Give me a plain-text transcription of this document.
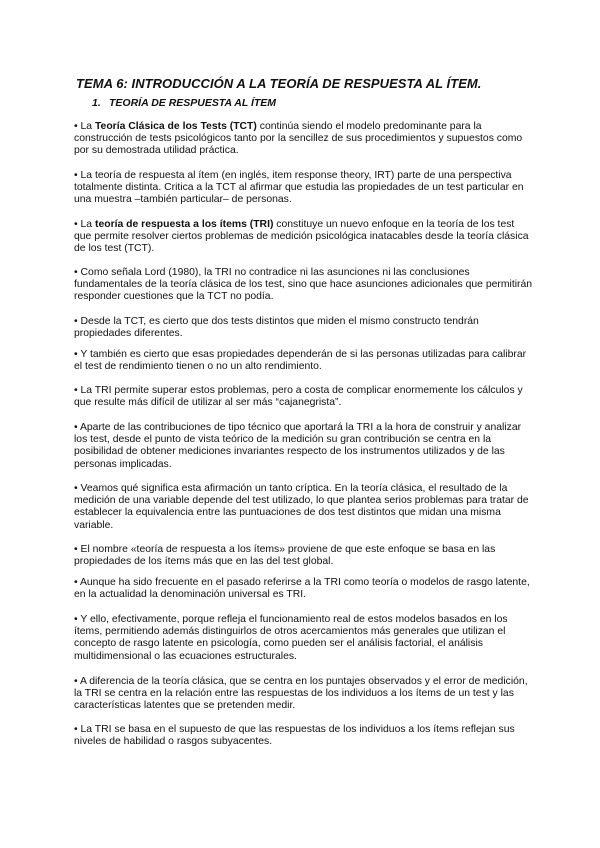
TEMA 6: INTRODUCCIÓN A LA TEORÍA DE RESPUESTA AL ÍTEM.
1. TEORÍA DE RESPUESTA AL ÍTEM

• La Teoría Clásica de los Tests (TCT) continúa siendo el modelo predominante para la construcción de tests psicológicos tanto por la sencillez de sus procedimientos y supuestos como por su demostrada utilidad práctica.

• La teoría de respuesta al ítem (en inglés, item response theory, IRT) parte de una perspectiva totalmente distinta. Critica a la TCT al afirmar que estudia las propiedades de un test particular en una muestra –también particular– de personas.

• La teoría de respuesta a los ítems (TRI) constituye un nuevo enfoque en la teoría de los test que permite resolver ciertos problemas de medición psicológica inatacables desde la teoría clásica de los test (TCT).

• Como señala Lord (1980), la TRI no contradice ni las asunciones ni las conclusiones fundamentales de la teoría clásica de los test, sino que hace asunciones adicionales que permitirán responder cuestiones que la TCT no podía.

• Desde la TCT, es cierto que dos tests distintos que miden el mismo constructo tendrán propiedades diferentes.

• Y también es cierto que esas propiedades dependerán de si las personas utilizadas para calibrar el test de rendimiento tienen o no un alto rendimiento.

• La TRI permite superar estos problemas, pero a costa de complicar enormemente los cálculos y que resulte más difícil de utilizar al ser más “cajanegrista”.

• Aparte de las contribuciones de tipo técnico que aportará la TRI a la hora de construir y analizar los test, desde el punto de vista teórico de la medición su gran contribución se centra en la posibilidad de obtener mediciones invariantes respecto de los instrumentos utilizados y de las personas implicadas.

• Veamos qué significa esta afirmación un tanto críptica. En la teoría clásica, el resultado de la medición de una variable depende del test utilizado, lo que plantea serios problemas para tratar de establecer la equivalencia entre las puntuaciones de dos test distintos que midan una misma variable.

• El nombre «teoría de respuesta a los ítems» proviene de que este enfoque se basa en las propiedades de los ítems más que en las del test global.

• Aunque ha sido frecuente en el pasado referirse a la TRI como teoría o modelos de rasgo latente, en la actualidad la denominación universal es TRI.

• Y ello, efectivamente, porque refleja el funcionamiento real de estos modelos basados en los ítems, permitiendo además distinguirlos de otros acercamientos más generales que utilizan el concepto de rasgo latente en psicología, como pueden ser el análisis factorial, el análisis multidimensional o las ecuaciones estructurales.

• A diferencia de la teoría clásica, que se centra en los puntajes observados y el error de medición, la TRI se centra en la relación entre las respuestas de los individuos a los ítems de un test y las características latentes que se pretenden medir.

• La TRI se basa en el supuesto de que las respuestas de los individuos a los ítems reflejan sus niveles de habilidad o rasgos subyacentes.
